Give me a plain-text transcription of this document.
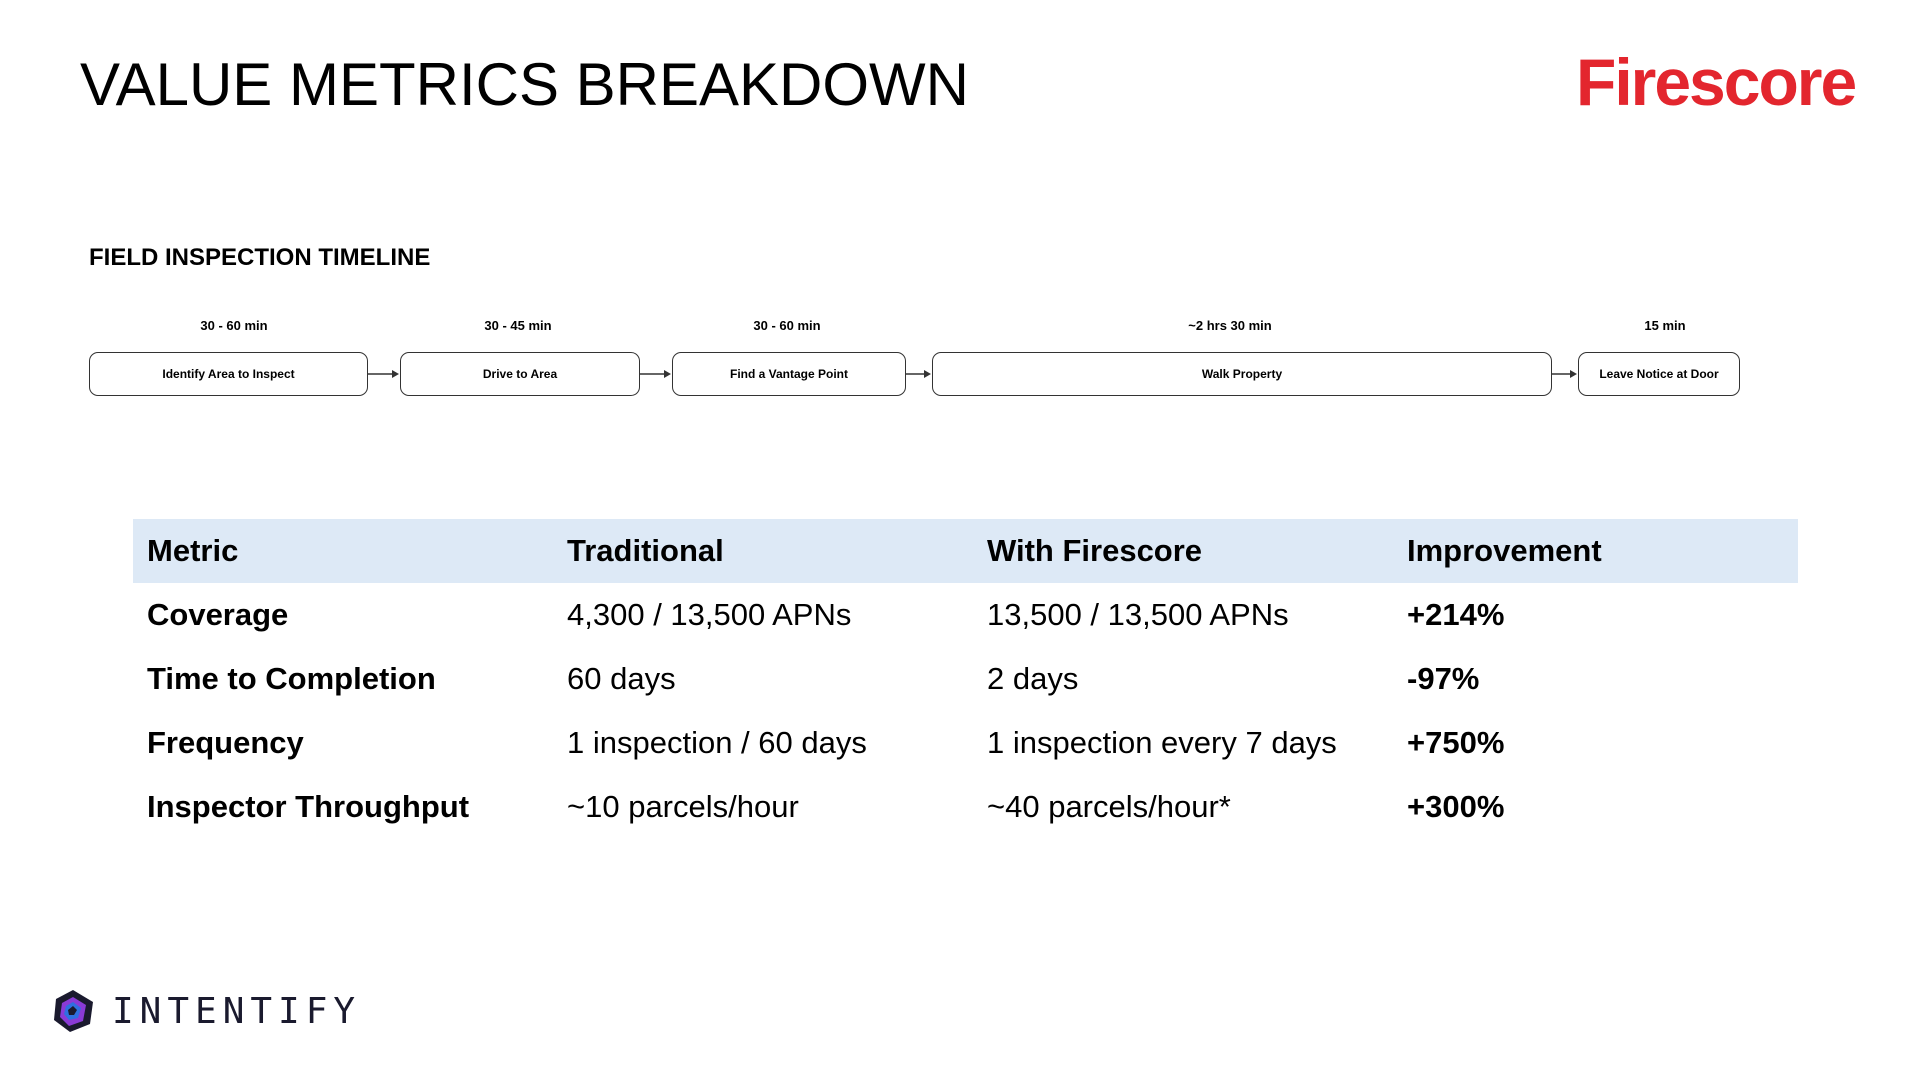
VALUE METRICS BREAKDOWN	Firescore
FIELD INSPECTION TIMELINE
30 - 60 min
Identify Area to Inspect
30 - 45 min
Drive to Area
30 - 60 min
Find a Vantage Point
~2 hrs 30 min
Walk Property
15 min
Leave Notice at Door
Metric	Traditional	With Firescore	Improvement
Coverage	4,300 / 13,500 APNs	13,500 / 13,500 APNs	+214%
Time to Completion	60 days	2 days	-97%
Frequency	1 inspection / 60 days	1 inspection every 7 days	+750%
Inspector Throughput	~10 parcels/hour	~40 parcels/hour*	+300%
INTENTIFY
